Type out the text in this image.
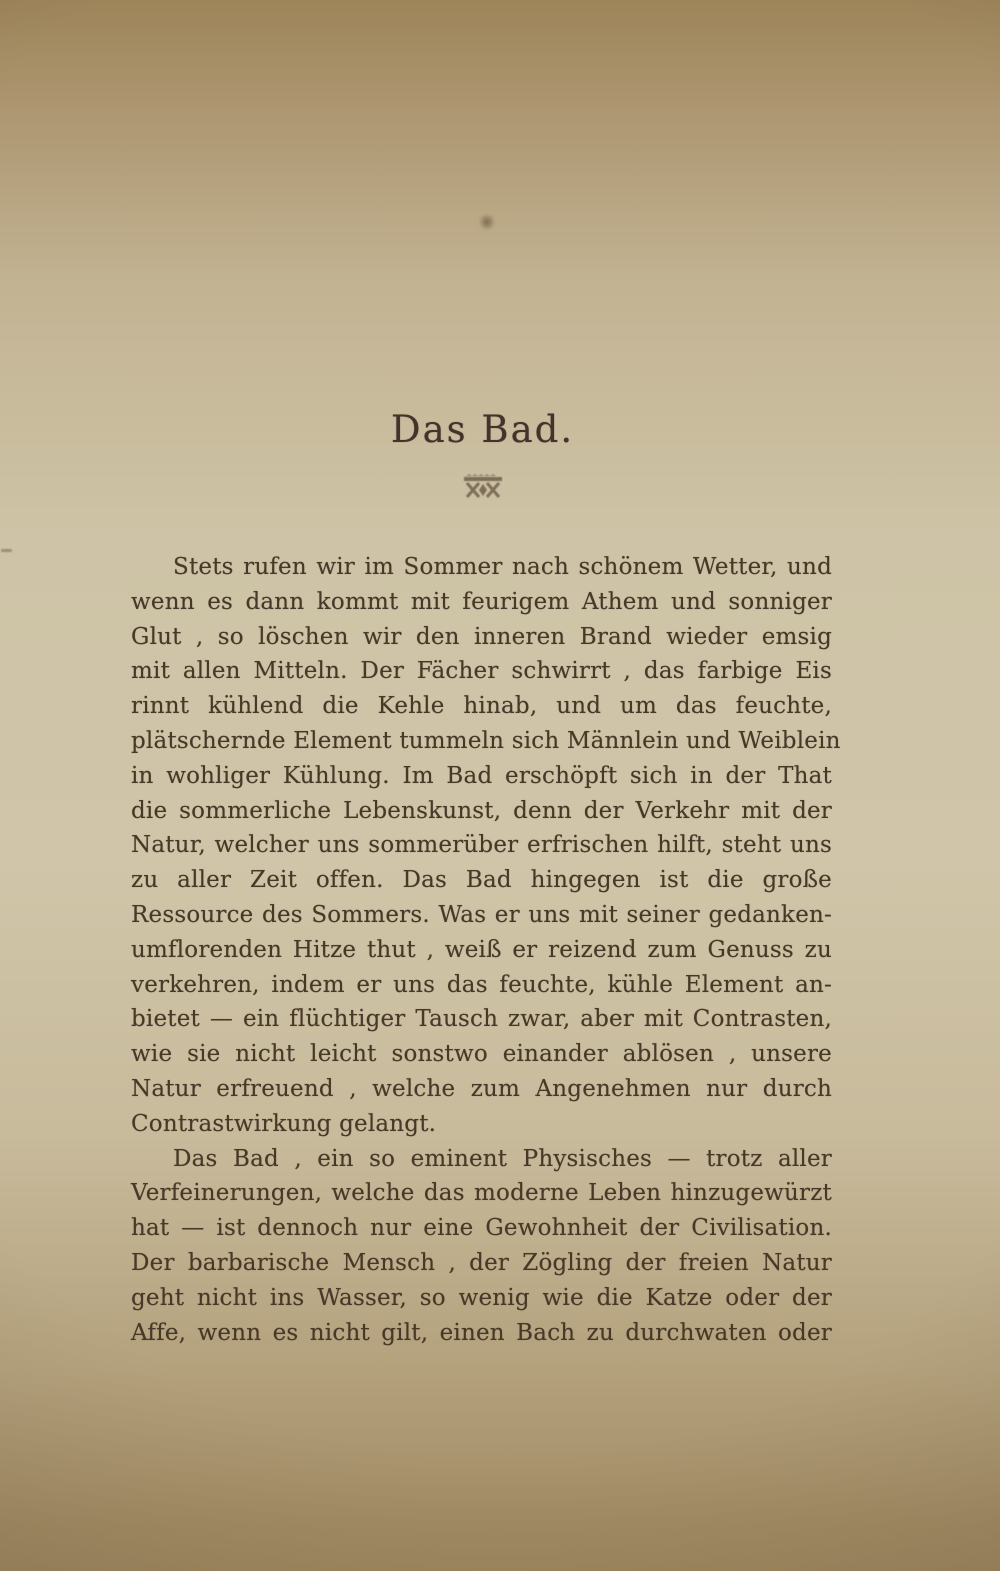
Das Bad.
Stets rufen wir im Sommer nach schönem Wetter, und
wenn es dann kommt mit feurigem Athem und sonniger
Glut , so löschen wir den inneren Brand wieder emsig
mit allen Mitteln. Der Fächer schwirrt , das farbige Eis
rinnt kühlend die Kehle hinab, und um das feuchte,
plätschernde Element tummeln sich Männlein und Weiblein
in wohliger Kühlung. Im Bad erschöpft sich in der That
die sommerliche Lebenskunst, denn der Verkehr mit der
Natur, welcher uns sommerüber erfrischen hilft, steht uns
zu aller Zeit offen. Das Bad hingegen ist die große
Ressource des Sommers. Was er uns mit seiner gedanken-
umflorenden Hitze thut , weiß er reizend zum Genuss zu
verkehren, indem er uns das feuchte, kühle Element an-
bietet — ein flüchtiger Tausch zwar, aber mit Contrasten,
wie sie nicht leicht sonstwo einander ablösen , unsere
Natur erfreuend , welche zum Angenehmen nur durch
Contrastwirkung gelangt.
Das Bad , ein so eminent Physisches — trotz aller
Verfeinerungen, welche das moderne Leben hinzugewürzt
hat — ist dennoch nur eine Gewohnheit der Civilisation.
Der barbarische Mensch , der Zögling der freien Natur
geht nicht ins Wasser, so wenig wie die Katze oder der
Affe, wenn es nicht gilt, einen Bach zu durchwaten oder
